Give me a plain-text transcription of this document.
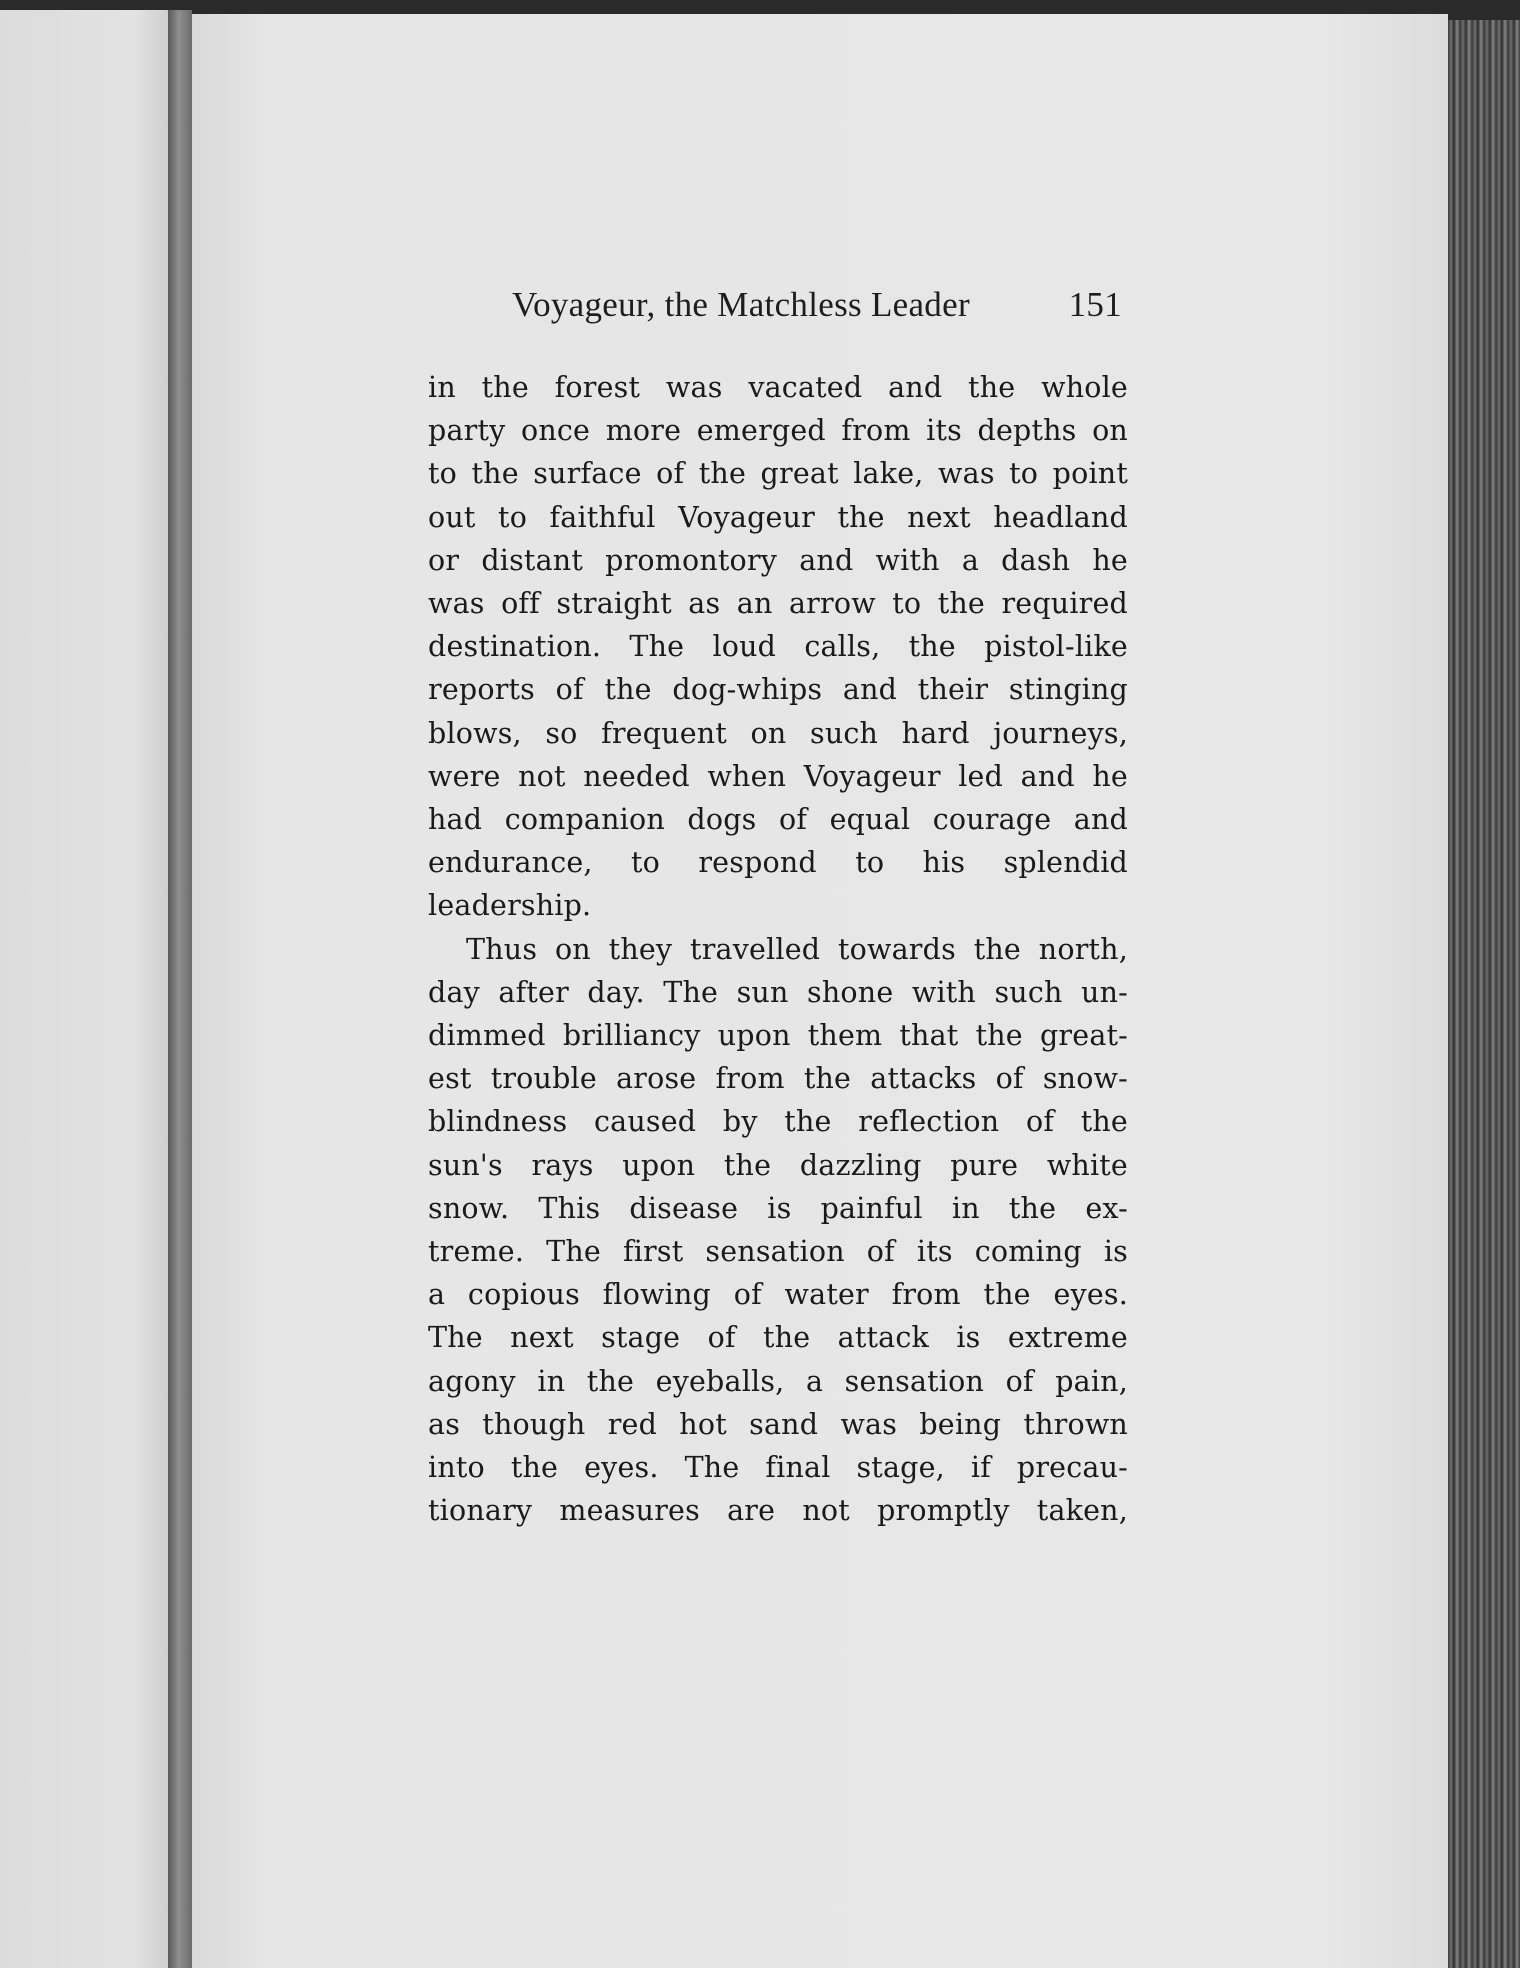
Voyageur, the Matchless Leader	151
in the forest was vacated and the whole
party once more emerged from its depths on
to the surface of the great lake, was to point
out to faithful Voyageur the next headland
or distant promontory and with a dash he
was off straight as an arrow to the required
destination. The loud calls, the pistol-like
reports of the dog-whips and their stinging
blows, so frequent on such hard journeys,
were not needed when Voyageur led and he
had companion dogs of equal courage and
endurance, to respond to his splendid
leadership.
Thus on they travelled towards the north,
day after day. The sun shone with such un-
dimmed brilliancy upon them that the great-
est trouble arose from the attacks of snow-
blindness caused by the reflection of the
sun's rays upon the dazzling pure white
snow. This disease is painful in the ex-
treme. The first sensation of its coming is
a copious flowing of water from the eyes.
The next stage of the attack is extreme
agony in the eyeballs, a sensation of pain,
as though red hot sand was being thrown
into the eyes. The final stage, if precau-
tionary measures are not promptly taken,
